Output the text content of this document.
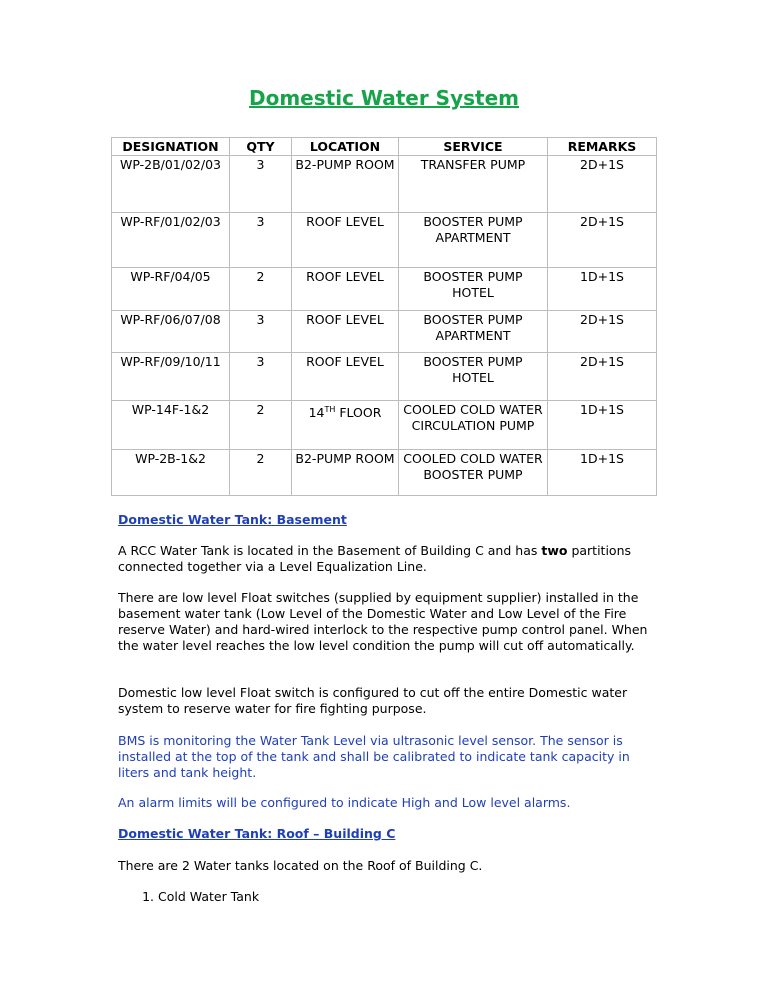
Domestic Water System
DESIGNATION	QTY	LOCATION	SERVICE	REMARKS
WP-2B/01/02/03	3	B2-PUMP ROOM	TRANSFER PUMP	2D+1S
WP-RF/01/02/03	3	ROOF LEVEL	BOOSTER PUMP APARTMENT	2D+1S
WP-RF/04/05	2	ROOF LEVEL	BOOSTER PUMP HOTEL	1D+1S
WP-RF/06/07/08	3	ROOF LEVEL	BOOSTER PUMP APARTMENT	2D+1S
WP-RF/09/10/11	3	ROOF LEVEL	BOOSTER PUMP HOTEL	2D+1S
WP-14F-1&2	2	14TH FLOOR	COOLED COLD WATER CIRCULATION PUMP	1D+1S
WP-2B-1&2	2	B2-PUMP ROOM	COOLED COLD WATER BOOSTER PUMP	1D+1S
Domestic Water Tank: Basement
A RCC Water Tank is located in the Basement of Building C and has two partitions connected together via a Level Equalization Line.
There are low level Float switches (supplied by equipment supplier) installed in the basement water tank (Low Level of the Domestic Water and Low Level of the Fire reserve Water) and hard-wired interlock to the respective pump control panel. When the water level reaches the low level condition the pump will cut off automatically.
Domestic low level Float switch is configured to cut off the entire Domestic water system to reserve water for fire fighting purpose.
BMS is monitoring the Water Tank Level via ultrasonic level sensor. The sensor is installed at the top of the tank and shall be calibrated to indicate tank capacity in liters and tank height.
An alarm limits will be configured to indicate High and Low level alarms.
Domestic Water Tank: Roof – Building C
There are 2 Water tanks located on the Roof of Building C.
1. Cold Water Tank
